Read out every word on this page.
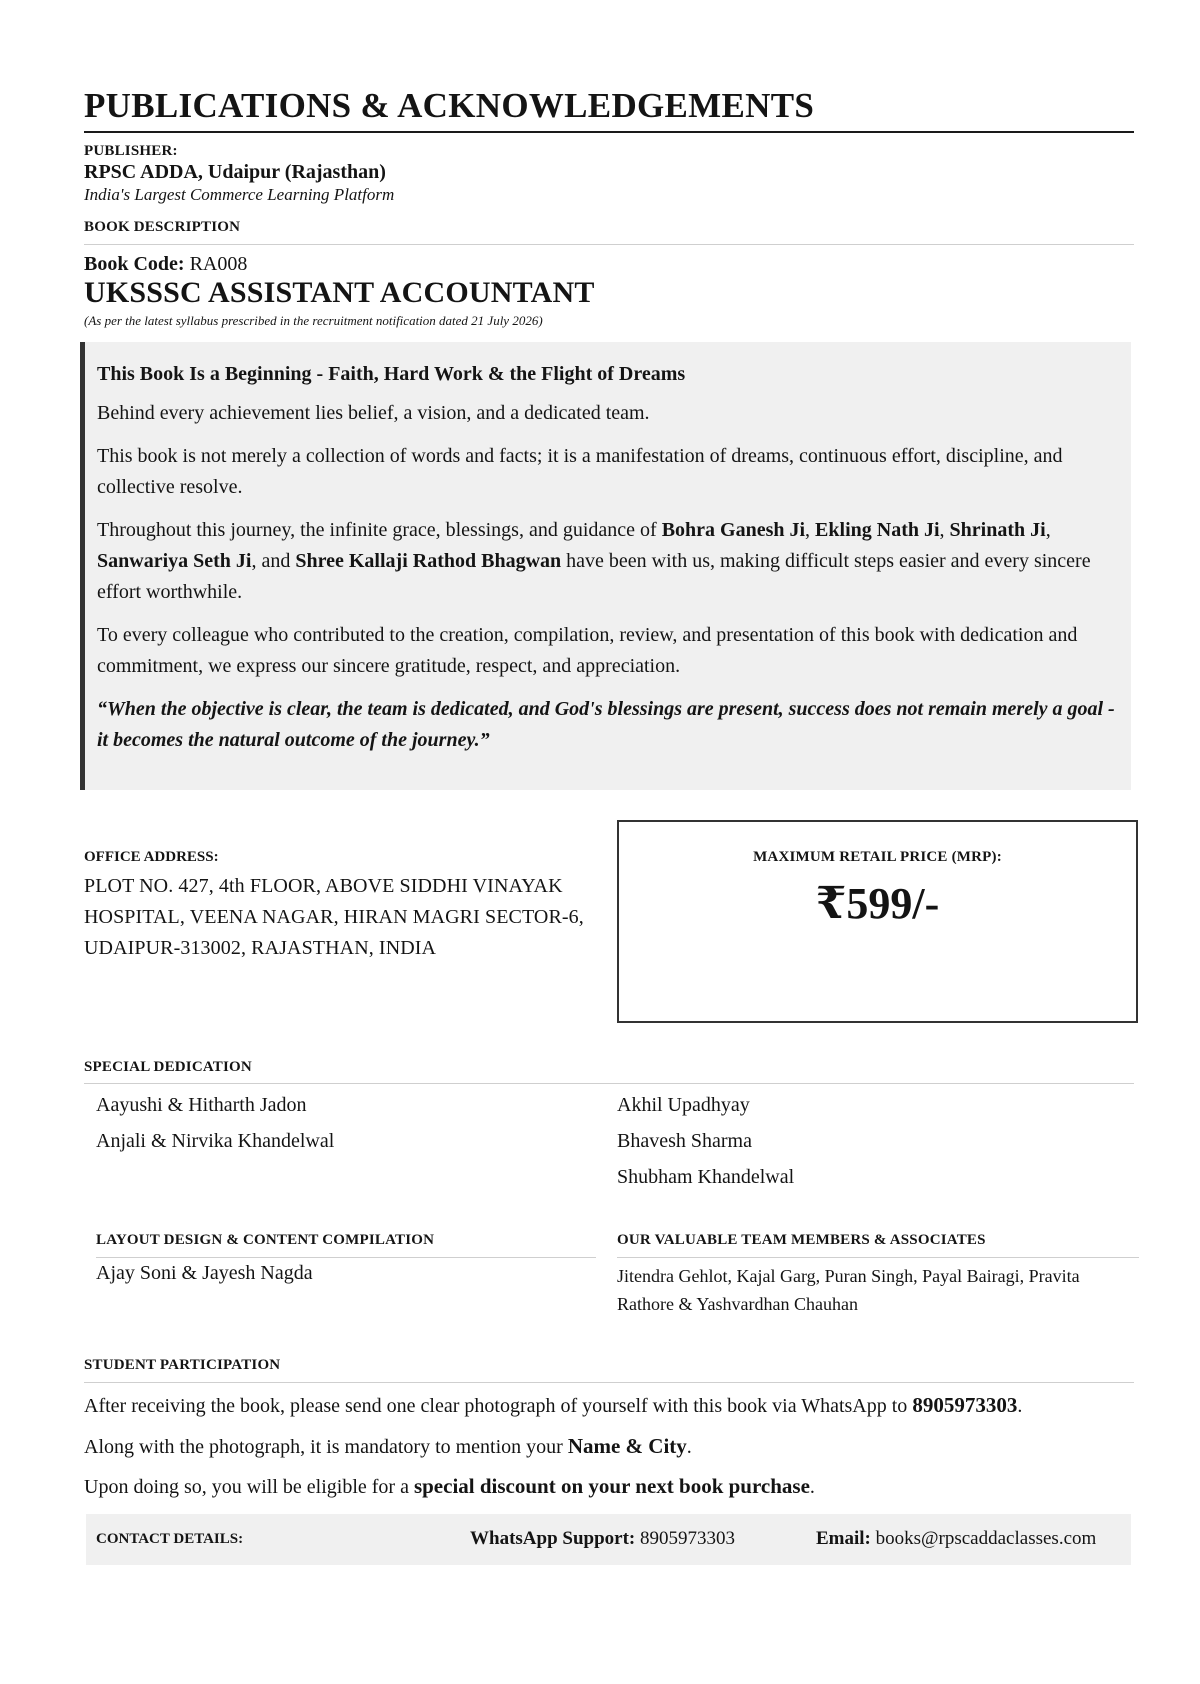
PUBLICATIONS & ACKNOWLEDGEMENTS
PUBLISHER:
RPSC ADDA, Udaipur (Rajasthan)
India's Largest Commerce Learning Platform
BOOK DESCRIPTION
Book Code: RA008
UKSSSC ASSISTANT ACCOUNTANT
(As per the latest syllabus prescribed in the recruitment notification dated 21 July 2026)

This Book Is a Beginning - Faith, Hard Work & the Flight of Dreams

Behind every achievement lies belief, a vision, and a dedicated team.

This book is not merely a collection of words and facts; it is a manifestation of dreams, continuous effort, discipline, and collective resolve.

Throughout this journey, the infinite grace, blessings, and guidance of Bohra Ganesh Ji, Ekling Nath Ji, Shrinath Ji, Sanwariya Seth Ji, and Shree Kallaji Rathod Bhagwan have been with us, making difficult steps easier and every sincere effort worthwhile.

To every colleague who contributed to the creation, compilation, review, and presentation of this book with dedication and commitment, we express our sincere gratitude, respect, and appreciation.

“When the objective is clear, the team is dedicated, and God's blessings are present, success does not remain merely a goal - it becomes the natural outcome of the journey.”

OFFICE ADDRESS:
PLOT NO. 427, 4th FLOOR, ABOVE SIDDHI VINAYAK HOSPITAL, VEENA NAGAR, HIRAN MAGRI SECTOR-6, UDAIPUR-313002, RAJASTHAN, INDIA
MAXIMUM RETAIL PRICE (MRP):
₹599/-
SPECIAL DEDICATION
Aayushi & Hitharth Jadon
Anjali & Nirvika Khandelwal
Akhil Upadhyay
Bhavesh Sharma
Shubham Khandelwal
LAYOUT DESIGN & CONTENT COMPILATION
Ajay Soni & Jayesh Nagda
OUR VALUABLE TEAM MEMBERS & ASSOCIATES
Jitendra Gehlot, Kajal Garg, Puran Singh, Payal Bairagi, Pravita Rathore & Yashvardhan Chauhan
STUDENT PARTICIPATION
After receiving the book, please send one clear photograph of yourself with this book via WhatsApp to 8905973303.
Along with the photograph, it is mandatory to mention your Name & City.
Upon doing so, you will be eligible for a special discount on your next book purchase.
CONTACT DETAILS:	WhatsApp Support: 8905973303	Email: books@rpscaddaclasses.com
